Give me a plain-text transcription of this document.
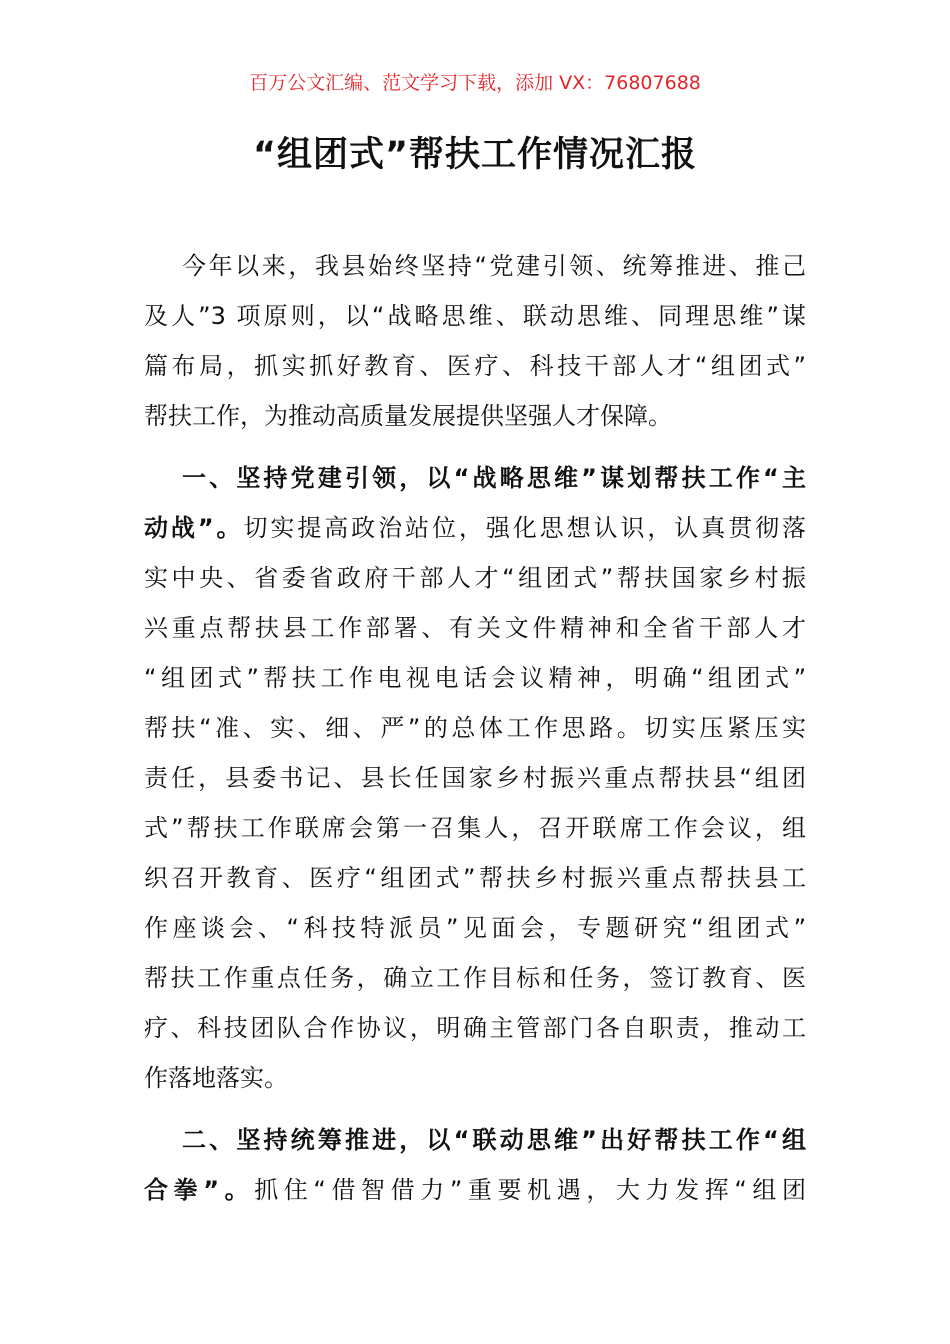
百万公文汇编、范文学习下载，添加 VX：76807688
“组团式”帮扶工作情况汇报
今年以来，我县始终坚持“党建引领、统筹推进、推己
及人”3 项原则，以“战略思维、联动思维、同理思维”谋
篇布局，抓实抓好教育、医疗、科技干部人才“组团式”
帮扶工作，为推动高质量发展提供坚强人才保障。
一、坚持党建引领，以“战略思维”谋划帮扶工作“主
动战”。切实提高政治站位，强化思想认识，认真贯彻落
实中央、省委省政府干部人才“组团式”帮扶国家乡村振
兴重点帮扶县工作部署、有关文件精神和全省干部人才
“组团式”帮扶工作电视电话会议精神，明确“组团式”
帮扶“准、实、细、严”的总体工作思路。切实压紧压实
责任，县委书记、县长任国家乡村振兴重点帮扶县“组团
式”帮扶工作联席会第一召集人，召开联席工作会议，组
织召开教育、医疗“组团式”帮扶乡村振兴重点帮扶县工
作座谈会、“科技特派员”见面会，专题研究“组团式”
帮扶工作重点任务，确立工作目标和任务，签订教育、医
疗、科技团队合作协议，明确主管部门各自职责，推动工
作落地落实。
二、坚持统筹推进，以“联动思维”出好帮扶工作“组
合拳”。抓住“借智借力”重要机遇，大力发挥“组团
